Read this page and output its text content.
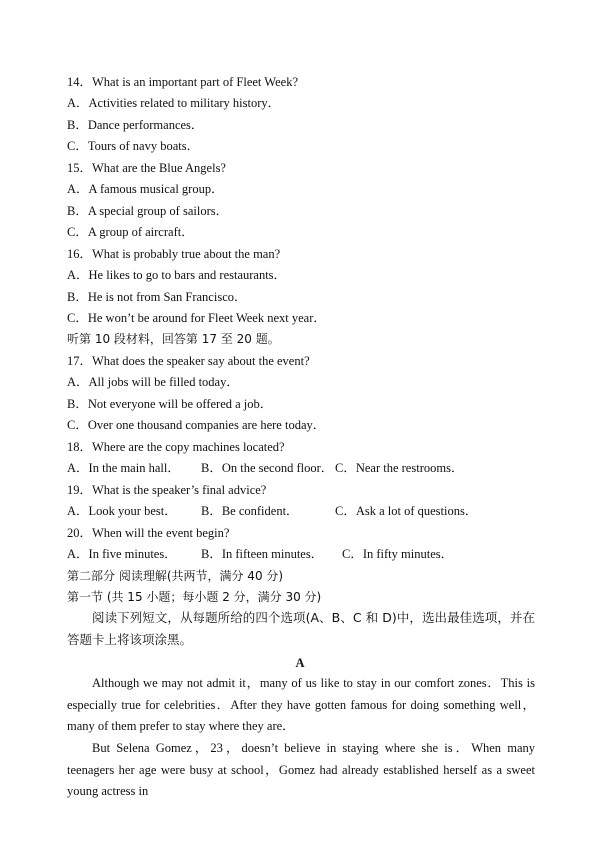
14．What is an important part of Fleet Week?
A．Activities related to military history．
B．Dance performances．
C．Tours of navy boats．
15．What are the Blue Angels?
A．A famous musical group．
B．A special group of sailors．
C．A group of aircraft．
16．What is probably true about the man?
A．He likes to go to bars and restaurants．
B．He is not from San Francisco．
C．He won’t be around for Fleet Week next year．
听第 10 段材料，回答第 17 至 20 题。
17．What does the speaker say about the event?
A．All jobs will be filled today．
B．Not everyone will be offered a job．
C．Over one thousand companies are here today．
18．Where are the copy machines located?
A．In the main hall． B．On the second floor． C．Near the restrooms．
19．What is the speaker’s final advice?
A．Look your best． B．Be confident．	C．Ask a lot of questions．
20．When will the event begin?
A．In five minutes． B．In fifteen minutes． C．In fifty minutes．
第二部分 阅读理解(共两节，满分 40 分)
第一节 (共 15 小题；每小题 2 分，满分 30 分)
阅读下列短文，从每题所给的四个选项(A、B、C 和 D)中，选出最佳选项，并在答题卡上将该项涂黑。
A
Although we may not admit it，many of us like to stay in our comfort zones．This is especially true for celebrities．After they have gotten famous for doing something well，many of them prefer to stay where they are．
But Selena Gomez，23，doesn’t believe in staying where she is．When many teenagers her age were busy at school，Gomez had already established herself as a sweet young actress in
